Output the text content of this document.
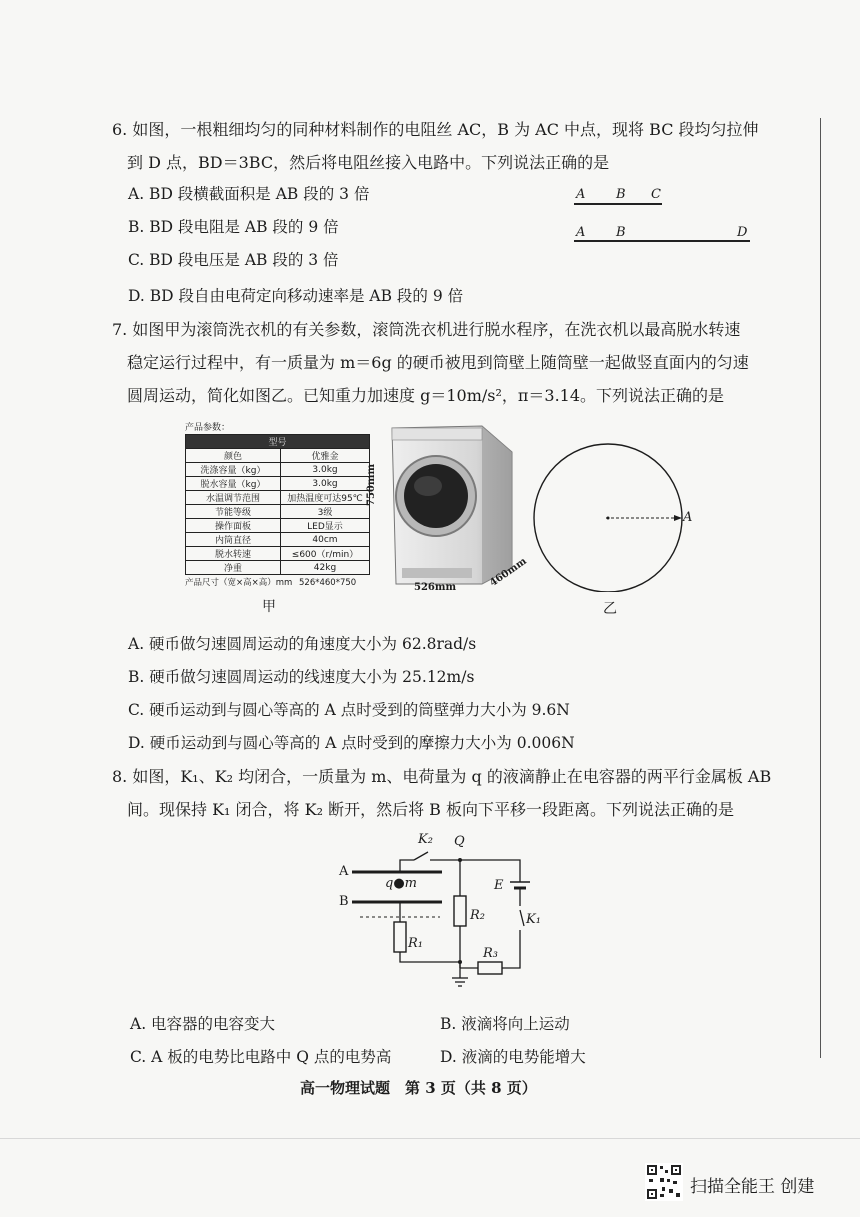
6. 如图，一根粗细均匀的同种材料制作的电阻丝 AC，B 为 AC 中点，现将 BC 段均匀拉伸
到 D 点，BD＝3BC，然后将电阻丝接入电路中。下列说法正确的是
A. BD 段横截面积是 AB 段的 3 倍
B. BD 段电阻是 AB 段的 9 倍
C. BD 段电压是 AB 段的 3 倍
D. BD 段自由电荷定向移动速率是 AB 段的 9 倍
A B C
A B	D
7. 如图甲为滚筒洗衣机的有关参数，滚筒洗衣机进行脱水程序，在洗衣机以最高脱水转速
稳定运行过程中，有一质量为 m＝6g 的硬币被甩到筒壁上随筒壁一起做竖直面内的匀速
圆周运动，简化如图乙。已知重力加速度 g＝10m/s²，π＝3.14。下列说法正确的是
产品参数：
型号	
颜色	优雅金
洗涤容量（kg）	3.0kg
脱水容量（kg）	3.0kg
水温调节范围	加热温度可达95℃
节能等级	3级
操作面板	LED显示
内筒直径	40cm
脱水转速	≤600（r/min）
净重	42kg
产品尺寸（宽×高×高）mm 526*460*750
甲
750mm
526mm	460mm
A
乙
A. 硬币做匀速圆周运动的角速度大小为 62.8rad/s
B. 硬币做匀速圆周运动的线速度大小为 25.12m/s
C. 硬币运动到与圆心等高的 A 点时受到的筒壁弹力大小为 9.6N
D. 硬币运动到与圆心等高的 A 点时受到的摩擦力大小为 0.006N
8. 如图，K₁、K₂ 均闭合，一质量为 m、电荷量为 q 的液滴静止在电容器的两平行金属板 AB
间。现保持 K₁ 闭合，将 K₂ 断开，然后将 B 板向下平移一段距离。下列说法正确的是
K₂ Q
A
q●m
B
E
K₁
R₂
R₁
R₃
A. 电容器的电容变大	B. 液滴将向上运动
C. A 板的电势比电路中 Q 点的电势高	D. 液滴的电势能增大
高一物理试题　第 3 页（共 8 页）
扫描全能王 创建
